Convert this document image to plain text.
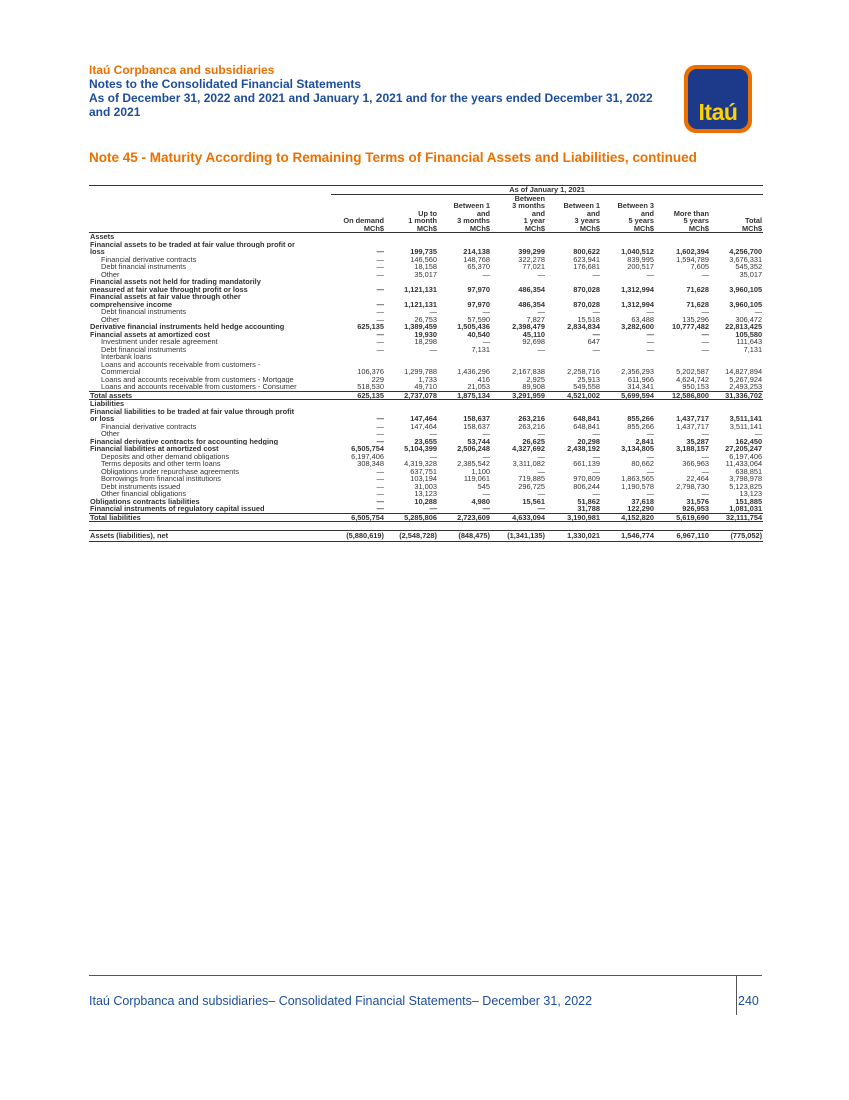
Itaú Corpbanca and subsidiaries
Notes to the Consolidated Financial Statements
As of December 31, 2022 and 2021 and January 1, 2021 and for the years ended December 31, 2022
and 2021	Itaú
Note 45 - Maturity According to Remaining Terms of Financial Assets and Liabilities, continued
	As of January 1, 2021							
				Between				
			Between 1	3 months	Between 1	Between 3		
		Up to	and	and	and	and	More than	
	On demand	1 month	3 months	1 year	3 years	5 years	5 years	Total
	MCh$	MCh$	MCh$	MCh$	MCh$	MCh$	MCh$	MCh$
Assets								
Financial assets to be traded at fair value through profit or								
loss	—	199,735	214,138	399,299	800,622	1,040,512	1,602,394	4,256,700
Financial derivative contracts	—	146,560	148,768	322,278	623,941	839,995	1,594,789	3,676,331
Debt financial instruments	—	18,158	65,370	77,021	176,681	200,517	7,605	545,352
Other	—	35,017	—	—	—	—	—	35,017
Financial assets not held for trading mandatorily								
measured at fair value throught profit or loss	—	1,121,131	97,970	486,354	870,028	1,312,994	71,628	3,960,105
Financial assets at fair value through other								
comprehensive income	—	1,121,131	97,970	486,354	870,028	1,312,994	71,628	3,960,105
Debt financial instruments	—	—	—	—	—	—	—	—
Other	—	26,753	57,590	7,827	15,518	63,488	135,296	306,472
Derivative financial instruments held hedge accounting	625,135	1,389,459	1,505,436	2,398,479	2,834,834	3,282,600	10,777,482	22,813,425
Financial assets at amortized cost	—	19,930	40,540	45,110	—	—	—	105,580
Investment under resale agreement	—	18,298	—	92,698	647	—	—	111,643
Debt financial instruments	—	—	7,131	—	—	—	—	7,131
Interbank loans								
Loans and accounts receivable from customers -								
Commercial	106,376	1,299,788	1,436,296	2,167,838	2,258,716	2,356,293	5,202,587	14,827,894
Loans and accounts receivable from customers - Mortgage	229	1,733	416	2,925	25,913	611,966	4,624,742	5,267,924
Loans and accounts receivable from customers - Consumer	518,530	49,710	21,053	89,908	549,558	314,341	950,153	2,493,253
Total assets	625,135	2,737,078	1,875,134	3,291,959	4,521,002	5,699,594	12,586,800	31,336,702
Liabilities								
Financial liabilities to be traded at fair value through profit								
or loss	—	147,464	158,637	263,216	648,841	855,266	1,437,717	3,511,141
Financial derivative contracts	—	147,464	158,637	263,216	648,841	855,266	1,437,717	3,511,141
Other	—	—	—	—	—	—	—	—
Financial derivative contracts for accounting hedging	—	23,655	53,744	26,625	20,298	2,841	35,287	162,450
Financial liabilities at amortized cost	6,505,754	5,104,399	2,506,248	4,327,692	2,438,192	3,134,805	3,188,157	27,205,247
Deposits and other demand obligations	6,197,406	—	—	—	—	—	—	6,197,406
Terms deposits and other term loans	308,348	4,319,328	2,385,542	3,311,082	661,139	80,662	366,963	11,433,064
Obligations under repurchase agreements	—	637,751	1,100	—	—	—	—	638,851
Borrowings from financial institutions	—	103,194	119,061	719,885	970,809	1,863,565	22,464	3,798,978
Debt instruments issued	—	31,003	545	296,725	806,244	1,190,578	2,798,730	5,123,825
Other financial obligations	—	13,123	—	—	—	—	—	13,123
Obligations contracts liabilities	—	10,288	4,980	15,561	51,862	37,618	31,576	151,885
Financial instruments of regulatory capital issued	—	—	—	—	31,788	122,290	926,953	1,081,031
Total liabilities	6,505,754	5,285,806	2,723,609	4,633,094	3,190,981	4,152,820	5,619,690	32,111,754

Assets (liabilities), net	(5,880,619)	(2,548,728)	(848,475)	(1,341,135)	1,330,021	1,546,774	6,967,110	(775,052)
Itaú Corpbanca and subsidiaries– Consolidated Financial Statements– December 31, 2022	240
